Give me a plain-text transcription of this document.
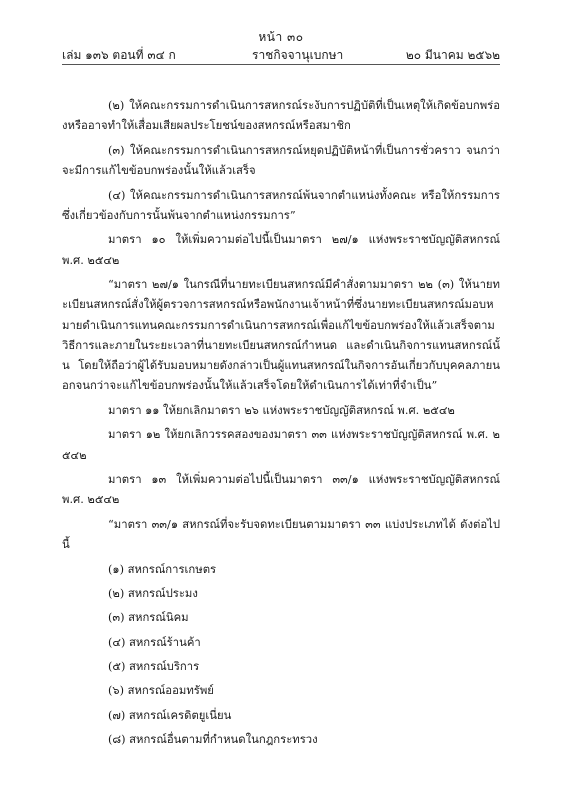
หน้า ๓๐
เล่ม ๑๓๖ ตอนที่ ๓๔ ก	ราชกิจจานุเบกษา	๒๐ มีนาคม ๒๕๖๒

(๒) ให้คณะกรรมการดำเนินการสหกรณ์ระงับการปฏิบัติที่เป็นเหตุให้เกิดข้อบกพร่องหรืออาจทำให้เสื่อมเสียผลประโยชน์ของสหกรณ์หรือสมาชิก

(๓) ให้คณะกรรมการดำเนินการสหกรณ์หยุดปฏิบัติหน้าที่เป็นการชั่วคราว จนกว่าจะมีการแก้ไขข้อบกพร่องนั้นให้แล้วเสร็จ

(๔) ให้คณะกรรมการดำเนินการสหกรณ์พ้นจากตำแหน่งทั้งคณะ หรือให้กรรมการซึ่งเกี่ยวข้องกับการนั้นพ้นจากตำแหน่งกรรมการ”

มาตรา ๑๐ ให้เพิ่มความต่อไปนี้เป็นมาตรา ๒๗/๑ แห่งพระราชบัญญัติสหกรณ์ พ.ศ. ๒๕๔๒

“มาตรา ๒๗/๑ ในกรณีที่นายทะเบียนสหกรณ์มีคำสั่งตามมาตรา ๒๒ (๓) ให้นายทะเบียนสหกรณ์สั่งให้ผู้ตรวจการสหกรณ์หรือพนักงานเจ้าหน้าที่ซึ่งนายทะเบียนสหกรณ์มอบหมายดำเนินการแทนคณะกรรมการดำเนินการสหกรณ์เพื่อแก้ไขข้อบกพร่องให้แล้วเสร็จตามวิธีการและภายในระยะเวลาที่นายทะเบียนสหกรณ์กำหนด และดำเนินกิจการแทนสหกรณ์นั้น โดยให้ถือว่าผู้ได้รับมอบหมายดังกล่าวเป็นผู้แทนสหกรณ์ในกิจการอันเกี่ยวกับบุคคลภายนอกจนกว่าจะแก้ไขข้อบกพร่องนั้นให้แล้วเสร็จโดยให้ดำเนินการได้เท่าที่จำเป็น”

มาตรา ๑๑ ให้ยกเลิกมาตรา ๒๖ แห่งพระราชบัญญัติสหกรณ์ พ.ศ. ๒๕๔๒

มาตรา ๑๒ ให้ยกเลิกวรรคสองของมาตรา ๓๓ แห่งพระราชบัญญัติสหกรณ์ พ.ศ. ๒๕๔๒

มาตรา ๑๓ ให้เพิ่มความต่อไปนี้เป็นมาตรา ๓๓/๑ แห่งพระราชบัญญัติสหกรณ์ พ.ศ. ๒๕๔๒

“มาตรา ๓๓/๑ สหกรณ์ที่จะรับจดทะเบียนตามมาตรา ๓๓ แบ่งประเภทได้ ดังต่อไปนี้

(๑) สหกรณ์การเกษตร

(๒) สหกรณ์ประมง

(๓) สหกรณ์นิคม

(๔) สหกรณ์ร้านค้า

(๕) สหกรณ์บริการ

(๖) สหกรณ์ออมทรัพย์

(๗) สหกรณ์เครดิตยูเนี่ยน

(๘) สหกรณ์อื่นตามที่กำหนดในกฎกระทรวง
